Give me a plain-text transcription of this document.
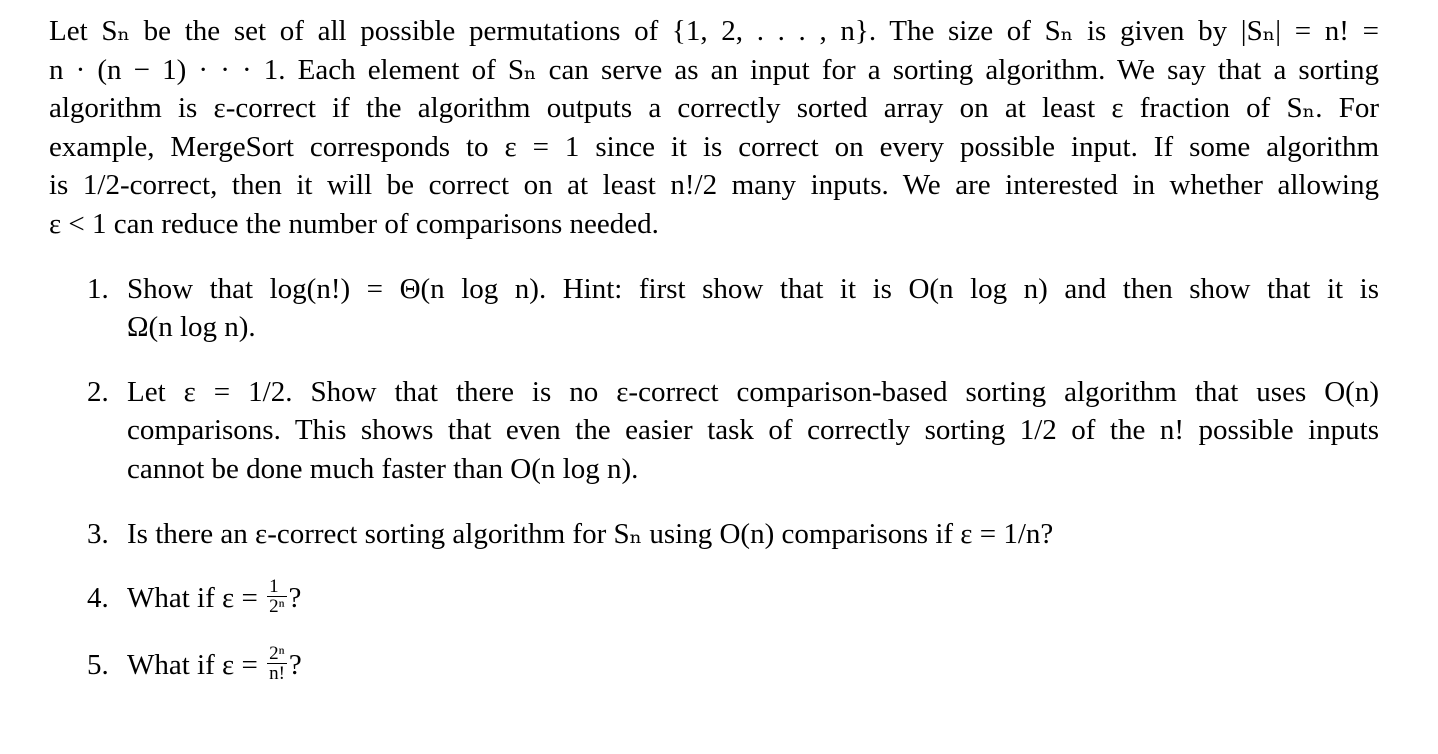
Let Sₙ be the set of all possible permutations of {1, 2, . . . , n}. The size of Sₙ is given by |Sₙ| = n! =
n · (n − 1) · · · 1. Each element of Sₙ can serve as an input for a sorting algorithm. We say that a sorting
algorithm is ε-correct if the algorithm outputs a correctly sorted array on at least ε fraction of Sₙ. For
example, MergeSort corresponds to ε = 1 since it is correct on every possible input. If some algorithm
is 1/2-correct, then it will be correct on at least n!/2 many inputs. We are interested in whether allowing
ε < 1 can reduce the number of comparisons needed.

1. Show that log(n!) = Θ(n log n). Hint: first show that it is O(n log n) and then show that it is
Ω(n log n).
2. Let ε = 1/2. Show that there is no ε-correct comparison-based sorting algorithm that uses O(n)
comparisons. This shows that even the easier task of correctly sorting 1/2 of the n! possible inputs
cannot be done much faster than O(n log n).
3. Is there an ε-correct sorting algorithm for Sₙ using O(n) comparisons if ε = 1/n?
4. What if $\varepsilon = \frac{1}{\text{2ⁿ}}$ ?
5. What if $\varepsilon = \frac{\text{2ⁿ}}{n!}$ ?
